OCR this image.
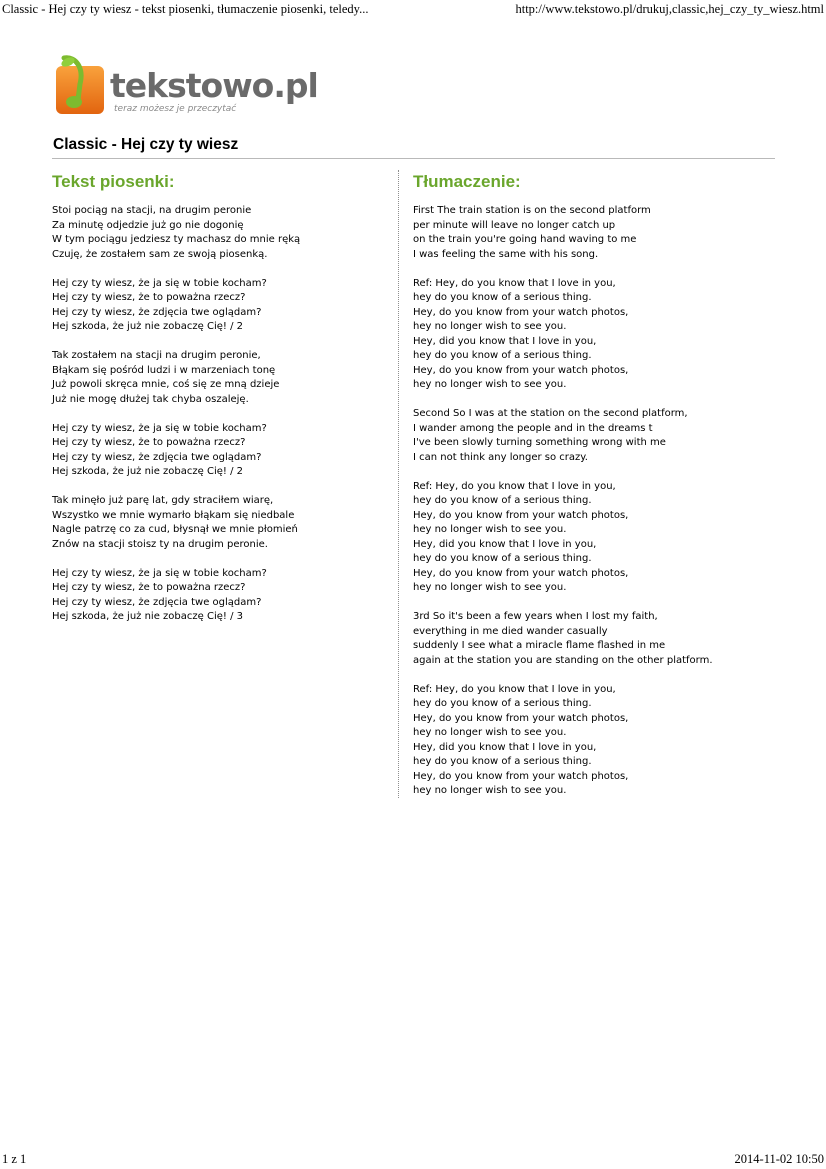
Classic - Hej czy ty wiesz - tekst piosenki, tłumaczenie piosenki, teledy...	http://www.tekstowo.pl/drukuj,classic,hej_czy_ty_wiesz.html
tekstowo.pl
teraz możesz je przeczytać
Classic - Hej czy ty wiesz
Tekst piosenki:
Stoi pociąg na stacji, na drugim peronie
Za minutę odjedzie już go nie dogonię
W tym pociągu jedziesz ty machasz do mnie ręką
Czuję, że zostałem sam ze swoją piosenką.
Hej czy ty wiesz, że ja się w tobie kocham?
Hej czy ty wiesz, że to poważna rzecz?
Hej czy ty wiesz, że zdjęcia twe oglądam?
Hej szkoda, że już nie zobaczę Cię! / 2
Tak zostałem na stacji na drugim peronie,
Błąkam się pośród ludzi i w marzeniach tonę
Już powoli skręca mnie, coś się ze mną dzieje
Już nie mogę dłużej tak chyba oszaleję.
Hej czy ty wiesz, że ja się w tobie kocham?
Hej czy ty wiesz, że to poważna rzecz?
Hej czy ty wiesz, że zdjęcia twe oglądam?
Hej szkoda, że już nie zobaczę Cię! / 2
Tak minęło już parę lat, gdy straciłem wiarę,
Wszystko we mnie wymarło błąkam się niedbale
Nagle patrzę co za cud, błysnął we mnie płomień
Znów na stacji stoisz ty na drugim peronie.
Hej czy ty wiesz, że ja się w tobie kocham?
Hej czy ty wiesz, że to poważna rzecz?
Hej czy ty wiesz, że zdjęcia twe oglądam?
Hej szkoda, że już nie zobaczę Cię! / 3
Tłumaczenie:
First The train station is on the second platform
per minute will leave no longer catch up
on the train you're going hand waving to me
I was feeling the same with his song.
Ref: Hey, do you know that I love in you,
hey do you know of a serious thing.
Hey, do you know from your watch photos,
hey no longer wish to see you.
Hey, did you know that I love in you,
hey do you know of a serious thing.
Hey, do you know from your watch photos,
hey no longer wish to see you.
Second So I was at the station on the second platform,
I wander among the people and in the dreams t
I've been slowly turning something wrong with me
I can not think any longer so crazy.
Ref: Hey, do you know that I love in you,
hey do you know of a serious thing.
Hey, do you know from your watch photos,
hey no longer wish to see you.
Hey, did you know that I love in you,
hey do you know of a serious thing.
Hey, do you know from your watch photos,
hey no longer wish to see you.
3rd So it's been a few years when I lost my faith,
everything in me died wander casually
suddenly I see what a miracle flame flashed in me
again at the station you are standing on the other platform.
Ref: Hey, do you know that I love in you,
hey do you know of a serious thing.
Hey, do you know from your watch photos,
hey no longer wish to see you.
Hey, did you know that I love in you,
hey do you know of a serious thing.
Hey, do you know from your watch photos,
hey no longer wish to see you.
1 z 1	2014-11-02 10:50
